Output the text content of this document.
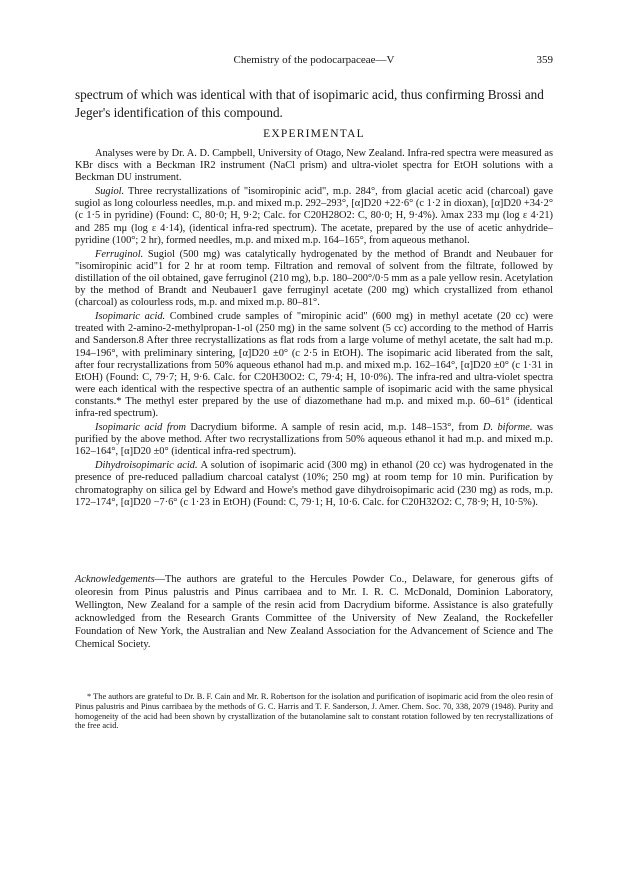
Chemistry of the podocarpaceae—V	359
spectrum of which was identical with that of isopimaric acid, thus confirming Brossi and Jeger's identification of this compound.
EXPERIMENTAL

Analyses were by Dr. A. D. Campbell, University of Otago, New Zealand. Infra-red spectra were measured as KBr discs with a Beckman IR2 instrument (NaCl prism) and ultra-violet spectra for EtOH solutions with a Beckman DU instrument.

Sugiol. Three recrystallizations of "isomiropinic acid", m.p. 284°, from glacial acetic acid (charcoal) gave sugiol as long colourless needles, m.p. and mixed m.p. 292–293°, [α]D20 +22·6° (c 1·2 in dioxan), [α]D20 +34·2° (c 1·5 in pyridine) (Found: C, 80·0; H, 9·2; Calc. for C20H28O2: C, 80·0; H, 9·4%). λmax 233 mμ (log ε 4·21) and 285 mμ (log ε 4·14), (identical infra-red spectrum). The acetate, prepared by the use of acetic anhydride–pyridine (100°; 2 hr), formed needles, m.p. and mixed m.p. 164–165°, from aqueous methanol.

Ferruginol. Sugiol (500 mg) was catalytically hydrogenated by the method of Brandt and Neubauer for "isomiropinic acid"1 for 2 hr at room temp. Filtration and removal of solvent from the filtrate, followed by distillation of the oil obtained, gave ferruginol (210 mg), b.p. 180–200°/0·5 mm as a pale yellow resin. Acetylation by the method of Brandt and Neubauer1 gave ferruginyl acetate (200 mg) which crystallized from ethanol (charcoal) as colourless rods, m.p. and mixed m.p. 80–81°.

Isopimaric acid. Combined crude samples of "miropinic acid" (600 mg) in methyl acetate (20 cc) were treated with 2-amino-2-methylpropan-1-ol (250 mg) in the same solvent (5 cc) according to the method of Harris and Sanderson.8 After three recrystallizations as flat rods from a large volume of methyl acetate, the salt had m.p. 194–196°, with preliminary sintering, [α]D20 ±0° (c 2·5 in EtOH). The isopimaric acid liberated from the salt, after four recrystallizations from 50% aqueous ethanol had m.p. and mixed m.p. 162–164°, [α]D20 ±0° (c 1·31 in EtOH) (Found: C, 79·7; H, 9·6. Calc. for C20H30O2: C, 79·4; H, 10·0%). The infra-red and ultra-violet spectra were each identical with the respective spectra of an authentic sample of isopimaric acid with the same physical constants.* The methyl ester prepared by the use of diazomethane had m.p. and mixed m.p. 60–61° (identical infra-red spectrum).

Isopimaric acid from Dacrydium biforme. A sample of resin acid, m.p. 148–153°, from D. biforme. was purified by the above method. After two recrystallizations from 50% aqueous ethanol it had m.p. and mixed m.p. 162–164°, [α]D20 ±0° (identical infra-red spectrum).

Dihydroisopimaric acid. A solution of isopimaric acid (300 mg) in ethanol (20 cc) was hydrogenated in the presence of pre-reduced palladium charcoal catalyst (10%; 250 mg) at room temp for 10 min. Purification by chromatography on silica gel by Edward and Howe's method gave dihydroisopimaric acid (230 mg) as rods, m.p. 172–174°, [α]D20 −7·6° (c 1·23 in EtOH) (Found: C, 79·1; H, 10·6. Calc. for C20H32O2: C, 78·9; H, 10·5%).

Acknowledgements—The authors are grateful to the Hercules Powder Co., Delaware, for generous gifts of oleoresin from Pinus palustris and Pinus carribaea and to Mr. I. R. C. McDonald, Dominion Laboratory, Wellington, New Zealand for a sample of the resin acid from Dacrydium biforme. Assistance is also gratefully acknowledged from the Research Grants Committee of the University of New Zealand, the Rockefeller Foundation of New York, the Australian and New Zealand Association for the Advancement of Science and The Chemical Society.

* The authors are grateful to Dr. B. F. Cain and Mr. R. Robertson for the isolation and purification of isopimaric acid from the oleo resin of Pinus palustris and Pinus carribaea by the methods of G. C. Harris and T. F. Sanderson, J. Amer. Chem. Soc. 70, 338, 2079 (1948). Purity and homogeneity of the acid had been shown by crystallization of the butanolamine salt to constant rotation followed by ten recrystallizations of the free acid.
